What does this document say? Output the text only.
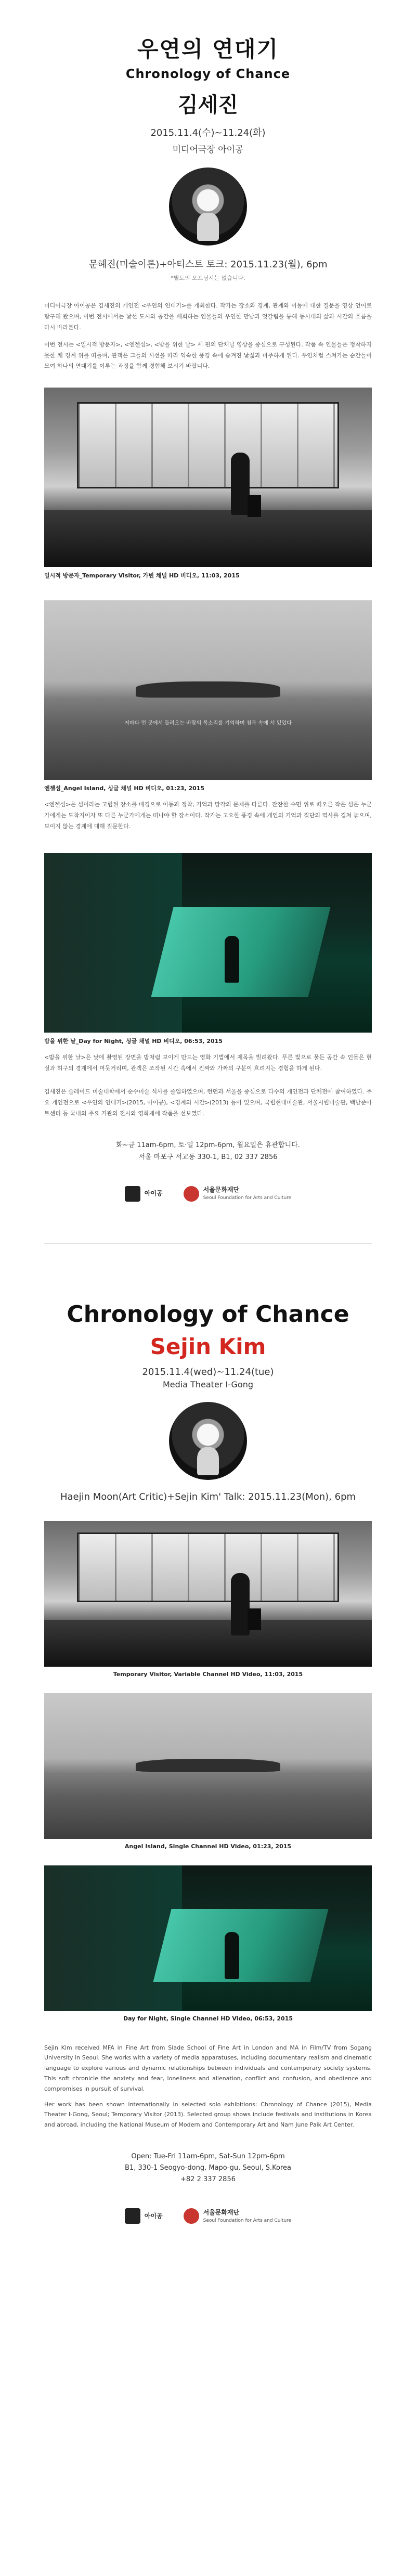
우연의 연대기
Chronology of Chance
김세진
2015.11.4(수)~11.24(화)
미디어극장 아이공
문혜진(미술이론)+아티스트 토크: 2015.11.23(월), 6pm
*별도의 오프닝시는 없습니다.

미디어극장 아이공은 김세진의 개인전 <우연의 연대기>를 개최한다. 작가는 장소와 경계, 관계와 이동에 대한 질문을 영상 언어로 탐구해 왔으며, 이번 전시에서는 낯선 도시와 공간을 배회하는 인물들의 우연한 만남과 엇갈림을 통해 동시대의 삶과 시간의 흐름을 다시 바라본다.

이번 전시는 <일시적 방문자>, <엔젤섬>, <밤을 위한 날> 세 편의 단채널 영상을 중심으로 구성된다. 작품 속 인물들은 정착하지 못한 채 경계 위를 떠돌며, 관객은 그들의 시선을 따라 익숙한 풍경 속에 숨겨진 낯섦과 마주하게 된다. 우연처럼 스쳐가는 순간들이 모여 하나의 연대기를 이루는 과정을 함께 경험해 보시기 바랍니다.

일시적 방문자_Temporary Visitor, 가변 채널 HD 비디오, 11:03, 2015
저마다 먼 곳에서 들려오는 바람의 목소리를 기억하며 침묵 속에 서 있었다
엔젤섬_Angel Island, 싱글 채널 HD 비디오, 01:23, 2015

<엔젤섬>은 섬이라는 고립된 장소를 배경으로 이동과 정착, 기억과 망각의 문제를 다룬다. 잔잔한 수면 위로 떠오른 작은 섬은 누군가에게는 도착지이자 또 다른 누군가에게는 떠나야 할 장소이다. 작가는 고요한 풍경 속에 개인의 기억과 집단의 역사를 겹쳐 놓으며, 보이지 않는 경계에 대해 질문한다.

밤을 위한 날_Day for Night, 싱글 채널 HD 비디오, 06:53, 2015

<밤을 위한 날>은 낮에 촬영된 장면을 밤처럼 보이게 만드는 영화 기법에서 제목을 빌려왔다. 푸른 빛으로 물든 공간 속 인물은 현실과 허구의 경계에서 머뭇거리며, 관객은 조작된 시간 속에서 진짜와 가짜의 구분이 흐려지는 경험을 하게 된다.

김세진은 슬레이드 미술대학에서 순수미술 석사를 졸업하였으며, 런던과 서울을 중심으로 다수의 개인전과 단체전에 참여하였다. 주요 개인전으로 <우연의 연대기>(2015, 아이공), <경계의 시간>(2013) 등이 있으며, 국립현대미술관, 서울시립미술관, 백남준아트센터 등 국내외 주요 기관의 전시와 영화제에 작품을 선보였다.

화~금 11am-6pm, 토·일 12pm-6pm, 월요일은 휴관합니다.
서울 마포구 서교동 330-1, B1, 02 337 2856
아이공
서울문화재단
Seoul Foundation for Arts and Culture
Chronology of Chance
Sejin Kim
2015.11.4(wed)~11.24(tue)
Media Theater I-Gong
Haejin Moon(Art Critic)+Sejin Kim' Talk: 2015.11.23(Mon), 6pm
Temporary Visitor, Variable Channel HD Video, 11:03, 2015
Angel Island, Single Channel HD Video, 01:23, 2015
Day for Night, Single Channel HD Video, 06:53, 2015

Sejin Kim received MFA in Fine Art from Slade School of Fine Art in London and MA in Film/TV from Sogang University in Seoul. She works with a variety of media apparatuses, including documentary realism and cinematic language to explore various and dynamic relationships between individuals and contemporary society systems. This soft chronicle the anxiety and fear, loneliness and alienation, conflict and confusion, and obedience and compromises in pursuit of survival.

Her work has been shown internationally in selected solo exhibitions: Chronology of Chance (2015), Media Theater I-Gong, Seoul; Temporary Visitor (2013). Selected group shows include festivals and institutions in Korea and abroad, including the National Museum of Modern and Contemporary Art and Nam June Paik Art Center.

Open: Tue-Fri 11am-6pm, Sat-Sun 12pm-6pm
B1, 330-1 Seogyo-dong, Mapo-gu, Seoul, S.Korea
+82 2 337 2856
아이공
서울문화재단
Seoul Foundation for Arts and Culture
